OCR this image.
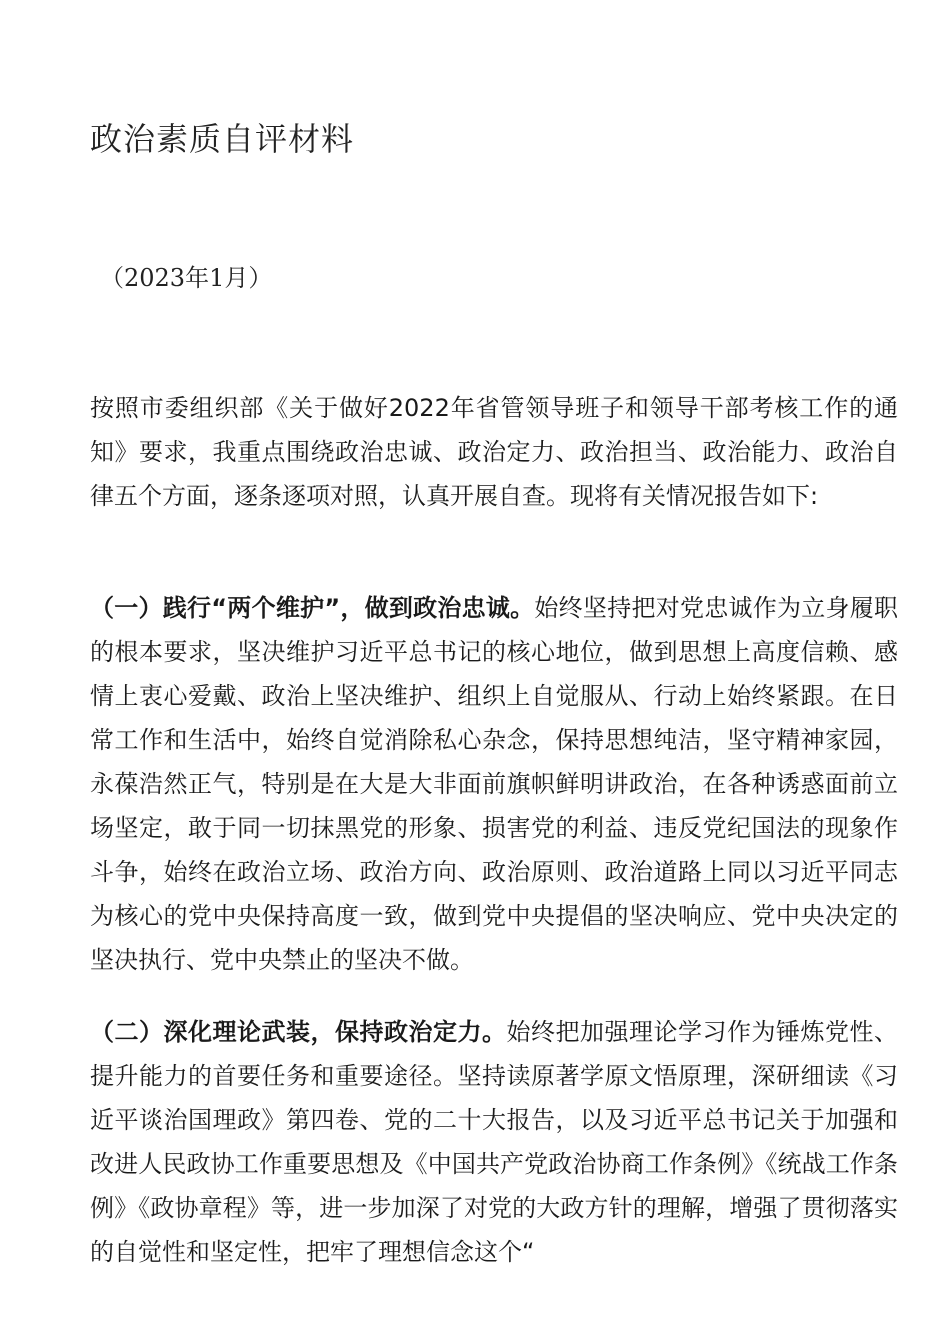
政治素质自评材料
（2023年1月）

按照市委组织部《关于做好2022年省管领导班子和领导干部考核工作的通知》要求，我重点围绕政治忠诚、政治定力、政治担当、政治能力、政治自律五个方面，逐条逐项对照，认真开展自查。现将有关情况报告如下:

（一）践行“两个维护”，做到政治忠诚。始终坚持把对党忠诚作为立身履职的根本要求，坚决维护习近平总书记的核心地位，做到思想上高度信赖、感情上衷心爱戴、政治上坚决维护、组织上自觉服从、行动上始终紧跟。在日常工作和生活中，始终自觉消除私心杂念，保持思想纯洁，坚守精神家园，永葆浩然正气，特别是在大是大非面前旗帜鲜明讲政治，在各种诱惑面前立场坚定，敢于同一切抹黑党的形象、损害党的利益、违反党纪国法的现象作斗争，始终在政治立场、政治方向、政治原则、政治道路上同以习近平同志为核心的党中央保持高度一致，做到党中央提倡的坚决响应、党中央决定的坚决执行、党中央禁止的坚决不做。

（二）深化理论武装，保持政治定力。始终把加强理论学习作为锤炼党性、提升能力的首要任务和重要途径。坚持读原著学原文悟原理，深研细读《习近平谈治国理政》第四卷、党的二十大报告，以及习近平总书记关于加强和改进人民政协工作重要思想及《中国共产党政治协商工作条例》《统战工作条例》《政协章程》等，进一步加深了对党的大政方针的理解，增强了贯彻落实的自觉性和坚定性，把牢了理想信念这个“
